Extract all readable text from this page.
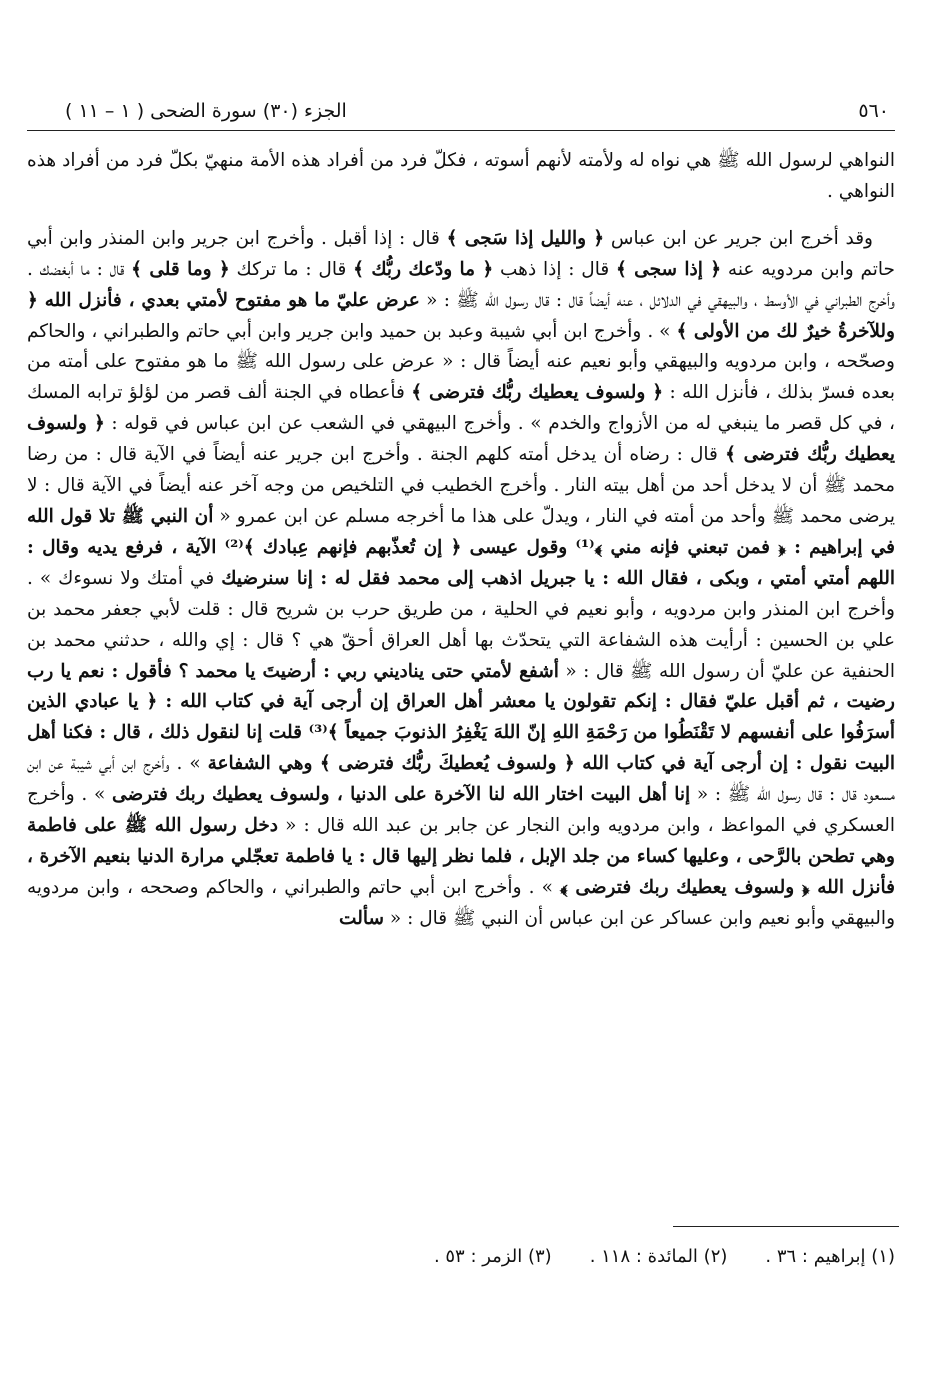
٥٦٠
الجزء (٣٠) سورة الضحى ( ١ – ١١ )

النواهي لرسول الله ﷺ هي نواه له ولأمته لأنهم أسوته ، فكلّ فرد من أفراد هذه الأمة منهيّ بكلّ فرد من أفراد هذه النواهي .

وقد أخرج ابن جرير عن ابن عباس ﴿ والليل إذا سَجى ﴾ قال : إذا أقبل . وأخرج ابن جرير وابن المنذر وابن أبي حاتم وابن مردويه عنه ﴿ إذا سجى ﴾ قال : إذا ذهب ﴿ ما ودّعك ربُّك ﴾ قال : ما تركك ﴿ وما قلى ﴾ قال : ما أبغضك . وأخرج الطبراني في الأوسط ، والبيهقي في الدلائل ، عنه أيضاً قال : قال رسول الله ﷺ : « عرض عليّ ما هو مفتوح لأمتي بعدي ، فأنزل الله ﴿ وللآخرةُ خيرٌ لك من الأولى ﴾ » . وأخرج ابن أبي شيبة وعبد بن حميد وابن جرير وابن أبي حاتم والطبراني ، والحاكم وصحّحه ، وابن مردويه والبيهقي وأبو نعيم عنه أيضاً قال : « عرض على رسول الله ﷺ ما هو مفتوح على أمته من بعده فسرّ بذلك ، فأنزل الله : ﴿ ولسوف يعطيك ربُّك فترضى ﴾ فأعطاه في الجنة ألف قصر من لؤلؤ ترابه المسك ، في كل قصر ما ينبغي له من الأزواج والخدم » . وأخرج البيهقي في الشعب عن ابن عباس في قوله : ﴿ ولسوف يعطيك ربُّك فترضى ﴾ قال : رضاه أن يدخل أمته كلهم الجنة . وأخرج ابن جرير عنه أيضاً في الآية قال : من رضا محمد ﷺ أن لا يدخل أحد من أهل بيته النار . وأخرج الخطيب في التلخيص من وجه آخر عنه أيضاً في الآية قال : لا يرضى محمد ﷺ وأحد من أمته في النار ، ويدلّ على هذا ما أخرجه مسلم عن ابن عمرو « أن النبي ﷺ تلا قول الله في إبراهيم : ﴿ فمن تبعني فإنه مني ﴾⁽¹⁾ وقول عيسى ﴿ إن تُعذّبهم فإنهم عِبادك ﴾⁽²⁾ الآية ، فرفع يديه وقال : اللهم أمتي أمتي ، وبكى ، فقال الله : يا جبريل اذهب إلى محمد فقل له : إنا سنرضيك في أمتك ولا نسوءك » . وأخرج ابن المنذر وابن مردويه ، وأبو نعيم في الحلية ، من طريق حرب بن شريح قال : قلت لأبي جعفر محمد بن علي بن الحسين : أرأيت هذه الشفاعة التي يتحدّث بها أهل العراق أحقّ هي ؟ قال : إي والله ، حدثني محمد بن الحنفية عن عليّ أن رسول الله ﷺ قال : « أشفع لأمتي حتى يناديني ربي : أرضيتَ يا محمد ؟ فأقول : نعم يا رب رضيت ، ثم أقبل عليّ فقال : إنكم تقولون يا معشر أهل العراق إن أرجى آية في كتاب الله : ﴿ يا عبادي الذين أسرَفُوا على أنفسهم لا تَقْنَطُوا من رَحْمَةِ اللهِ إنّ اللهَ يَغْفِرُ الذنوبَ جميعاً ﴾⁽³⁾ قلت إنا لنقول ذلك ، قال : فكنا أهل البيت نقول : إن أرجى آية في كتاب الله ﴿ ولسوف يُعطيكَ ربُّك فترضى ﴾ وهي الشفاعة » . وأخرج ابن أبي شيبة عن ابن مسعود قال : قال رسول الله ﷺ : « إنا أهل البيت اختار الله لنا الآخرة على الدنيا ، ولسوف يعطيك ربك فترضى » . وأخرج العسكري في المواعظ ، وابن مردويه وابن النجار عن جابر بن عبد الله قال : « دخل رسول الله ﷺ على فاطمة وهي تطحن بالرَّحى ، وعليها كساء من جلد الإبل ، فلما نظر إليها قال : يا فاطمة تعجّلي مرارة الدنيا بنعيم الآخرة ، فأنزل الله ﴿ ولسوف يعطيك ربك فترضى ﴾ » . وأخرج ابن أبي حاتم والطبراني ، والحاكم وصححه ، وابن مردويه والبيهقي وأبو نعيم وابن عساكر عن ابن عباس أن النبي ﷺ قال : « سألت

(١) إبراهيم : ٣٦ .
(٢) المائدة : ١١٨ .
(٣) الزمر : ٥٣ .
